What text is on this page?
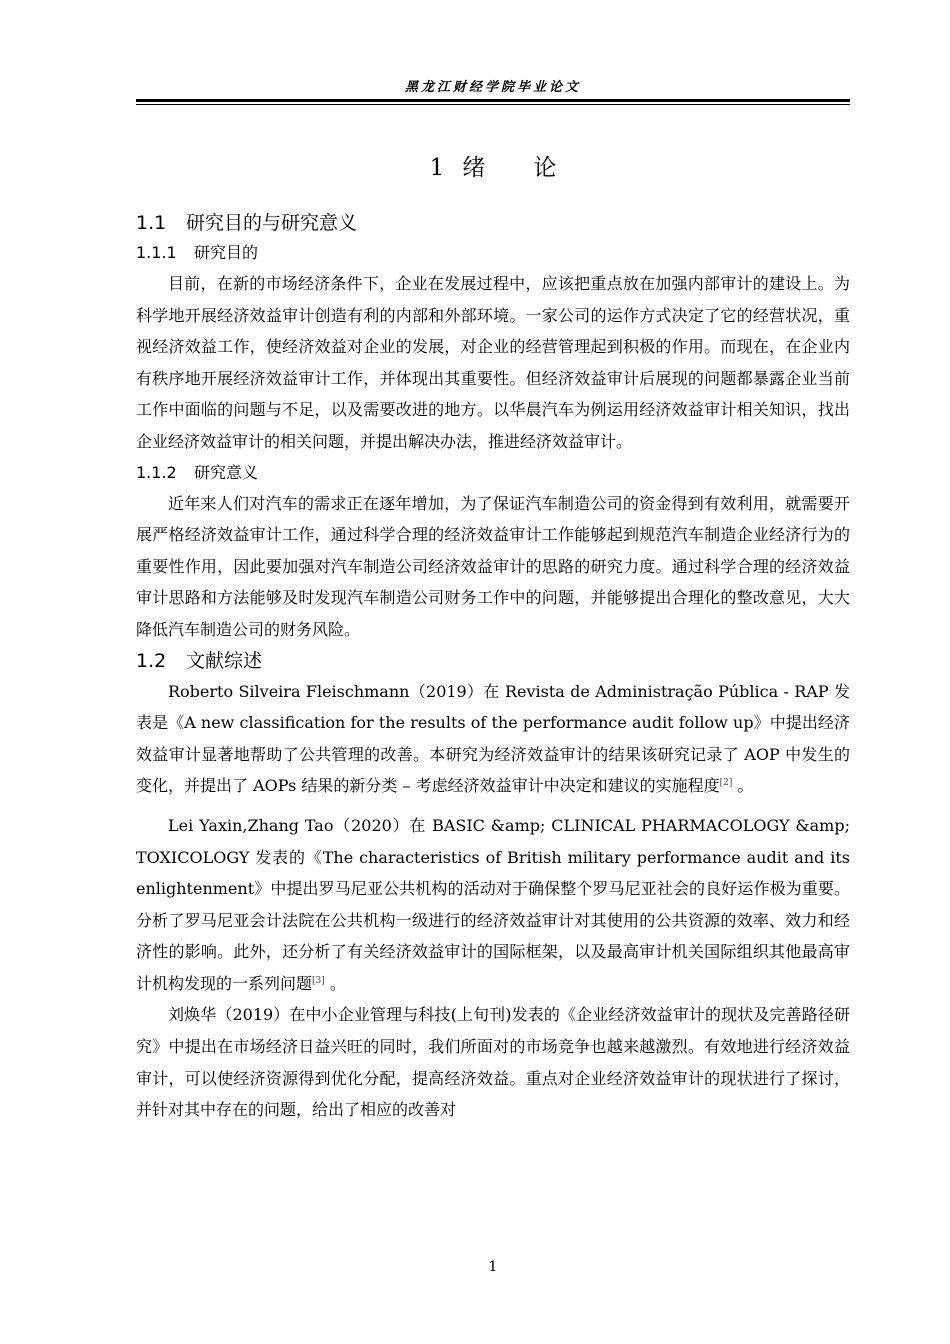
黑龙江财经学院毕业论文
1 绪 论
1.1 研究目的与研究意义
1.1.1 研究目的

目前，在新的市场经济条件下，企业在发展过程中，应该把重点放在加强内部审计的建设上。为科学地开展经济效益审计创造有利的内部和外部环境。一家公司的运作方式决定了它的经营状况，重视经济效益工作，使经济效益对企业的发展，对企业的经营管理起到积极的作用。而现在，在企业内有秩序地开展经济效益审计工作，并体现出其重要性。但经济效益审计后展现的问题都暴露企业当前工作中面临的问题与不足，以及需要改进的地方。以华晨汽车为例运用经济效益审计相关知识，找出企业经济效益审计的相关问题，并提出解决办法，推进经济效益审计。

1.1.2 研究意义

近年来人们对汽车的需求正在逐年增加，为了保证汽车制造公司的资金得到有效利用，就需要开展严格经济效益审计工作，通过科学合理的经济效益审计工作能够起到规范汽车制造企业经济行为的重要性作用，因此要加强对汽车制造公司经济效益审计的思路的研究力度。通过科学合理的经济效益审计思路和方法能够及时发现汽车制造公司财务工作中的问题，并能够提出合理化的整改意见，大大降低汽车制造公司的财务风险。

1.2 文献综述

Roberto Silveira Fleischmann（2019）在 Revista de Administração Pública - RAP 发表是《A new classification for the results of the performance audit follow up》中提出经济效益审计显著地帮助了公共管理的改善。本研究为经济效益审计的结果该研究记录了 AOP 中发生的变化，并提出了 AOPs 结果的新分类 – 考虑经济效益审计中决定和建议的实施程度[2] 。

Lei Yaxin,Zhang Tao（2020）在 BASIC &amp; CLINICAL PHARMACOLOGY &amp; TOXICOLOGY 发表的《The characteristics of British military performance audit and its enlightenment》中提出罗马尼亚公共机构的活动对于确保整个罗马尼亚社会的良好运作极为重要。分析了罗马尼亚会计法院在公共机构一级进行的经济效益审计对其使用的公共资源的效率、效力和经济性的影响。此外，还分析了有关经济效益审计的国际框架，以及最高审计机关国际组织其他最高审计机构发现的一系列问题[3] 。

刘焕华（2019）在中小企业管理与科技(上旬刊)发表的《企业经济效益审计的现状及完善路径研究》中提出在市场经济日益兴旺的同时，我们所面对的市场竞争也越来越激烈。有效地进行经济效益审计，可以使经济资源得到优化分配，提高经济效益。重点对企业经济效益审计的现状进行了探讨，并针对其中存在的问题，给出了相应的改善对

1
